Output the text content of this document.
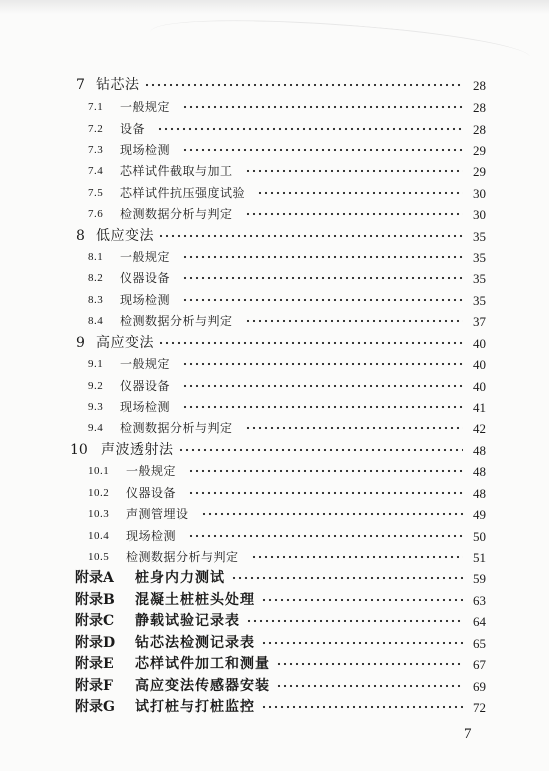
7 钻芯法	28
7.1 一般规定	28
7.2 设备	28
7.3 现场检测	29
7.4 芯样试件截取与加工	29
7.5 芯样试件抗压强度试验	30
7.6 检测数据分析与判定	30
8 低应变法	35
8.1 一般规定	35
8.2 仪器设备	35
8.3 现场检测	35
8.4 检测数据分析与判定	37
9 高应变法	40
9.1 一般规定	40
9.2 仪器设备	40
9.3 现场检测	41
9.4 检测数据分析与判定	42
10 声波透射法	48
10.1 一般规定	48
10.2 仪器设备	48
10.3 声测管埋设	49
10.4 现场检测	50
10.5 检测数据分析与判定	51
附录A 桩身内力测试	59
附录B 混凝土桩桩头处理	63
附录C 静载试验记录表	64
附录D 钻芯法检测记录表	65
附录E 芯样试件加工和测量	67
附录F 高应变法传感器安装	69
附录G 试打桩与打桩监控	72
7
